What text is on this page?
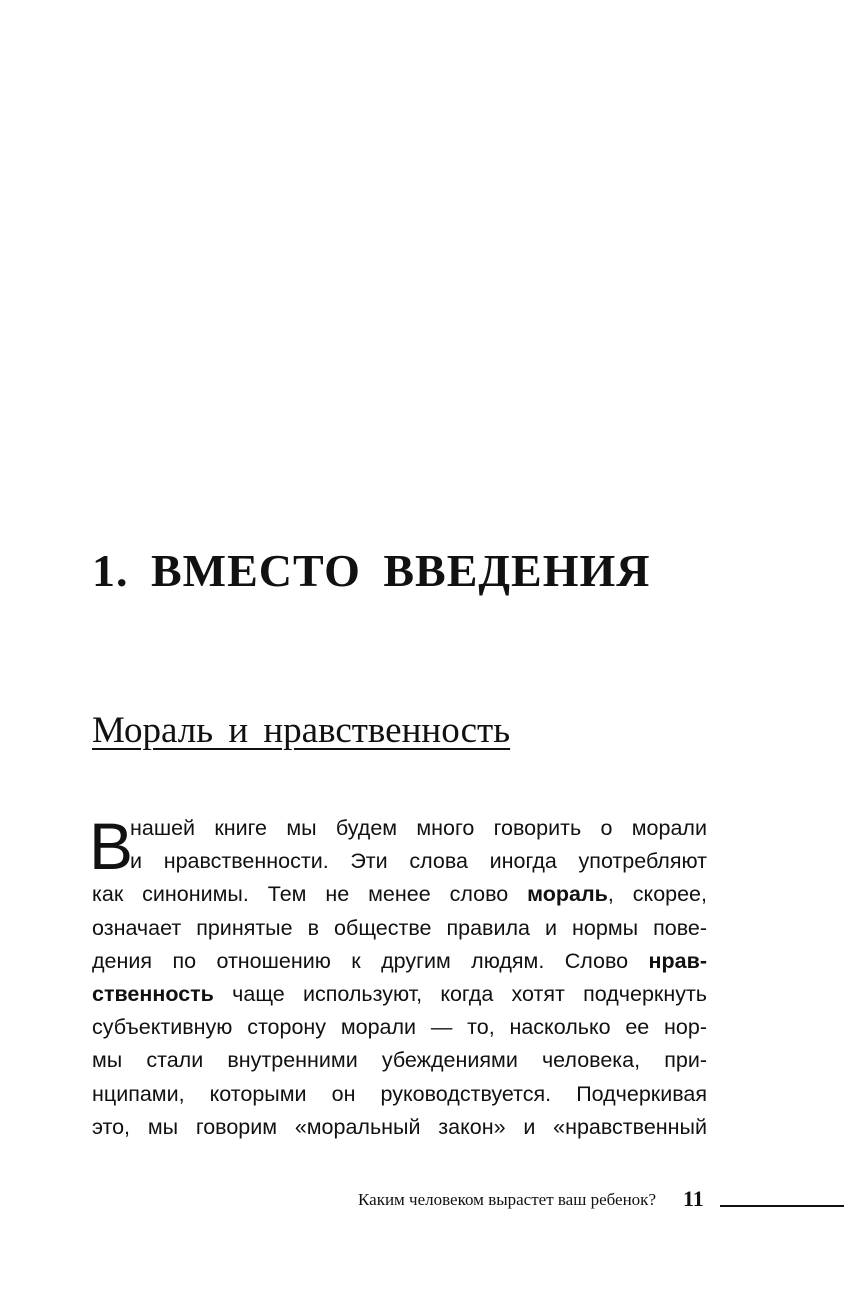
1. ВМЕСТО ВВЕДЕНИЯ
Мораль и нравственность
В
нашей книге мы будем много говорить о морали
и нравственности. Эти слова иногда употребляют
как синонимы. Тем не менее слово мораль, скорее,
означает принятые в обществе правила и нормы пове-
дения по отношению к другим людям. Слово нрав-
ственность чаще используют, когда хотят подчеркнуть
субъективную сторону морали — то, насколько ее нор-
мы стали внутренними убеждениями человека, при-
нципами, которыми он руководствуется. Подчеркивая
это, мы говорим «моральный закон» и «нравственный
Каким человеком вырастет ваш ребенок? 11
